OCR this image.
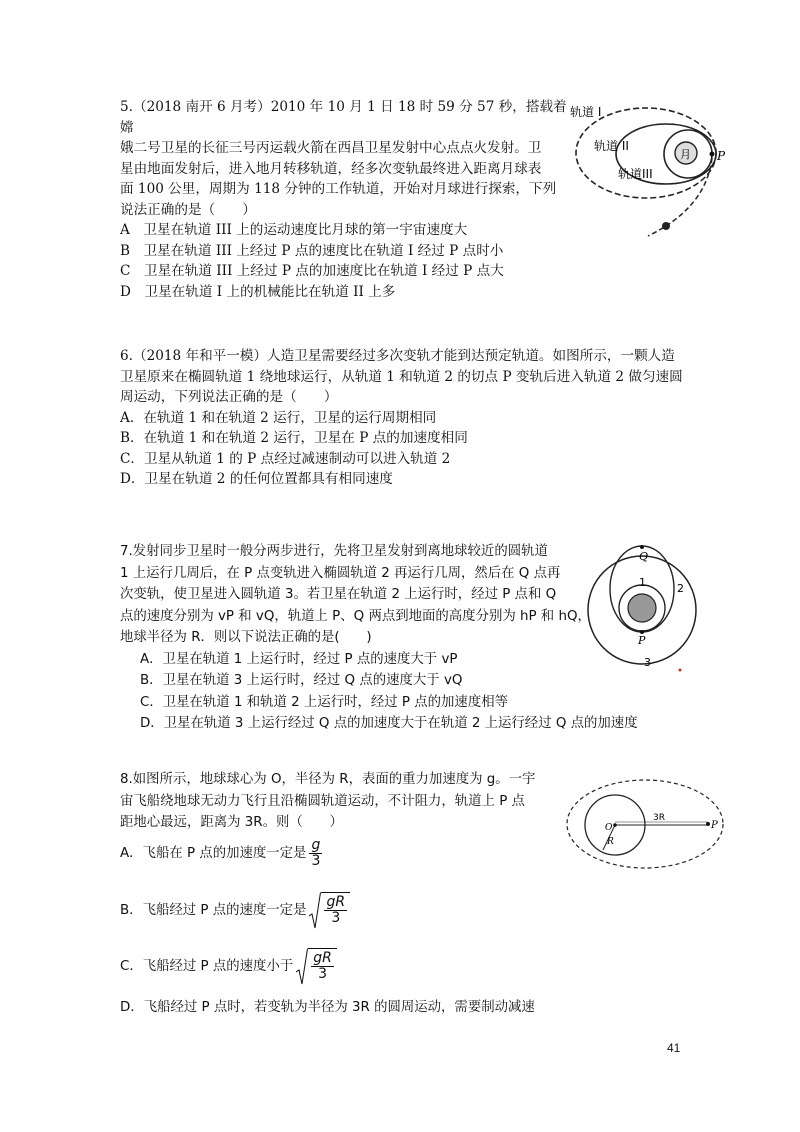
5.（2018 南开 6 月考）2010 年 10 月 1 日 18 时 59 分 57 秒，搭载着嫦

娥二号卫星的长征三号丙运载火箭在西昌卫星发射中心点点火发射。卫

星由地面发射后，进入地月转移轨道，经多次变轨最终进入距离月球表

面 100 公里，周期为 118 分钟的工作轨道，开始对月球进行探索，下列

说法正确的是（　　）

A　卫星在轨道 III 上的运动速度比月球的第一宇宙速度大
B　卫星在轨道 III 上经过 P 点的速度比在轨道 I 经过 P 点时小
C　卫星在轨道 III 上经过 P 点的加速度比在轨道 I 经过 P 点大
D　卫星在轨道 I 上的机械能比在轨道 II 上多
轨道 I
轨道 II
轨道III
月 P

6.（2018 年和平一模）人造卫星需要经过多次变轨才能到达预定轨道。如图所示，一颗人造

卫星原来在椭圆轨道 1 绕地球运行，从轨道 1 和轨道 2 的切点 P 变轨后进入轨道 2 做匀速圆

周运动，下列说法正确的是（　　）

A．在轨道 1 和在轨道 2 运行，卫星的运行周期相同
B．在轨道 1 和在轨道 2 运行，卫星在 P 点的加速度相同
C．卫星从轨道 1 的 P 点经过减速制动可以进入轨道 2
D．卫星在轨道 2 的任何位置都具有相同速度

7.发射同步卫星时一般分两步进行，先将卫星发射到离地球较近的圆轨道

1 上运行几周后，在 P 点变轨进入椭圆轨道 2 再运行几周，然后在 Q 点再

次变轨，使卫星进入圆轨道 3。若卫星在轨道 2 上运行时，经过 P 点和 Q

点的速度分别为 vP 和 vQ，轨道上 P、Q 两点到地面的高度分别为 hP 和 hQ，

地球半径为 R．则以下说法正确的是(　　)

A．卫星在轨道 1 上运行时，经过 P 点的速度大于 vP
B．卫星在轨道 3 上运行时，经过 Q 点的速度大于 vQ
C．卫星在轨道 1 和轨道 2 上运行时，经过 P 点的加速度相等
D．卫星在轨道 3 上运行经过 Q 点的加速度大于在轨道 2 上运行经过 Q 点的加速度
Q
1	2
P
3

8.如图所示，地球球心为 O，半径为 R，表面的重力加速度为 g。一宇

宙飞船绕地球无动力飞行且沿椭圆轨道运动，不计阻力，轨道上 P 点

距地心最远，距离为 3R。则（　　）

A．飞船在 P 点的加速度一定是 $\frac{g}{3}$
B．飞船经过 P 点的速度一定是 $\frac{gR}{3}$
C．飞船经过 P 点的速度小于 $\frac{gR}{3}$
D．飞船经过 P 点时，若变轨为半径为 3R 的圆周运动，需要制动减速
O
R
3R
P
41
